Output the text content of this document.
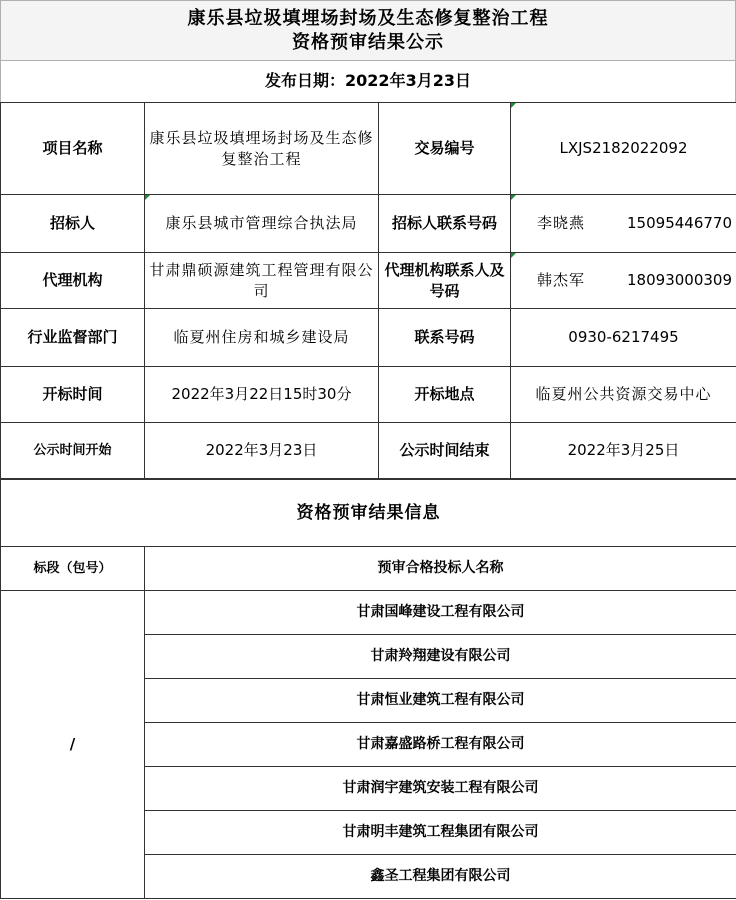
康乐县垃圾填埋场封场及生态修复整治工程
资格预审结果公示
发布日期：2022年3月23日
项目名称	康乐县垃圾填埋场封场及生态修复整治工程	交易编号	LXJS2182022092
招标人	康乐县城市管理综合执法局	招标人联系号码	李晓燕 15095446770

代理机构	甘肃鼎硕源建筑工程管理有限公司	代理机构联系人及号码	韩杰军 18093000309

行业监督部门	临夏州住房和城乡建设局	联系号码	0930-6217495
开标时间	2022年3月22日15时30分	开标地点	临夏州公共资源交易中心
公示时间开始	2022年3月23日	公示时间结束	2022年3月25日
资格预审结果信息	
标段（包号）	预审合格投标人名称
/	甘肃国峰建设工程有限公司
	甘肃羚翔建设有限公司
	甘肃恒业建筑工程有限公司
	甘肃嘉盛路桥工程有限公司
	甘肃润宇建筑安装工程有限公司
	甘肃明丰建筑工程集团有限公司
	鑫圣工程集团有限公司
